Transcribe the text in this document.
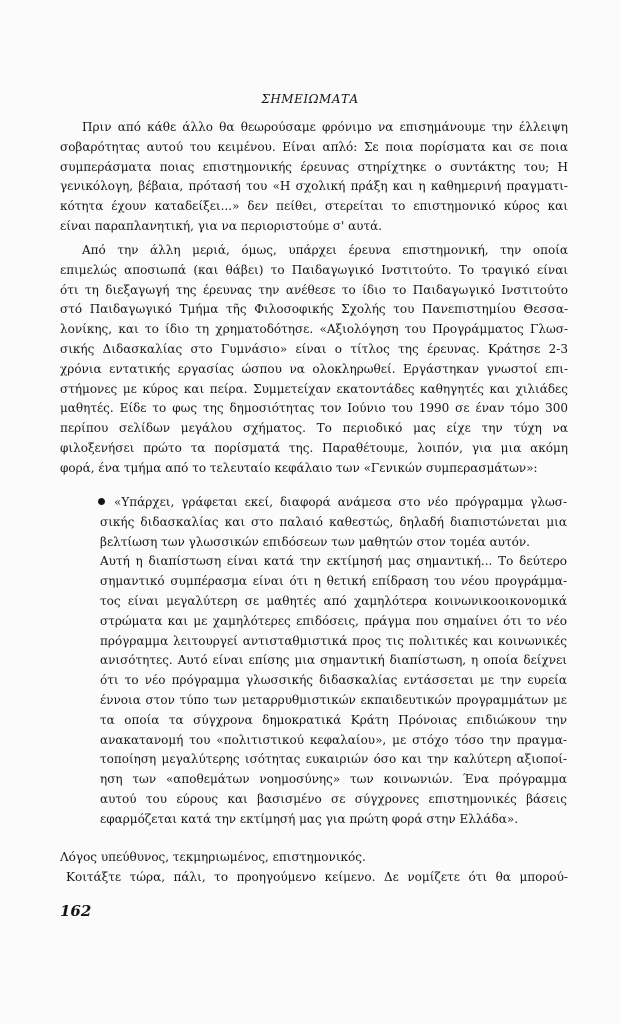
ΣΗΜΕΙΩΜΑΤΑ
Πριν από κάθε άλλο θα θεωρούσαμε φρόνιμο να επισημάνουμε την έλλειψη
σοβαρότητας αυτού του κειμένου. Είναι απλό: Σε ποια πορίσματα και σε ποια
συμπεράσματα ποιας επιστημονικής έρευνας στηρίχτηκε ο συντάκτης του; Η
γενικόλογη, βέβαια, πρότασή του «Η σχολική πράξη και η καθημερινή πραγματι-
κότητα έχουν καταδείξει...» δεν πείθει, στερείται το επιστημονικό κύρος και
είναι παραπλανητική, για να περιοριστούμε σ' αυτά.
Από την άλλη μεριά, όμως, υπάρχει έρευνα επιστημονική, την οποία
επιμελώς αποσιωπά (και θάβει) το Παιδαγωγικό Ινστιτούτο. Το τραγικό είναι
ότι τη διεξαγωγή της έρευνας την ανέθεσε το ίδιο το Παιδαγωγικό Ινστιτούτο
στό Παιδαγωγικό Τμήμα τῆς Φιλοσοφικής Σχολής του Πανεπιστημίου Θεσσα-
λονίκης, και το ίδιο τη χρηματοδότησε. «Αξιολόγηση του Προγράμματος Γλωσ-
σικής Διδασκαλίας στο Γυμνάσιο» είναι ο τίτλος της έρευνας. Κράτησε 2-3
χρόνια εντατικής εργασίας ώσπου να ολοκληρωθεί. Εργάστηκαν γνωστοί επι-
στήμονες με κύρος και πείρα. Συμμετείχαν εκατοντάδες καθηγητές και χιλιάδες
μαθητές. Είδε το φως της δημοσιότητας τον Ιούνιο του 1990 σε έναν τόμο 300
περίπου σελίδων μεγάλου σχήματος. Το περιοδικό μας είχε την τύχη να
φιλοξενήσει πρώτο τα πορίσματά της. Παραθέτουμε, λοιπόν, για μια ακόμη
φορά, ένα τμήμα από το τελευταίο κεφάλαιο των «Γενικών συμπερασμάτων»:
«Υπάρχει, γράφεται εκεί, διαφορά ανάμεσα στο νέο πρόγραμμα γλωσ-
σικής διδασκαλίας και στο παλαιό καθεστώς, δηλαδή διαπιστώνεται μια
βελτίωση των γλωσσικών επιδόσεων των μαθητών στον τομέα αυτόν.
Αυτή η διαπίστωση είναι κατά την εκτίμησή μας σημαντική... Το δεύτερο
σημαντικό συμπέρασμα είναι ότι η θετική επίδραση του νέου προγράμμα-
τος είναι μεγαλύτερη σε μαθητές από χαμηλότερα κοινωνικοοικονομικά
στρώματα και με χαμηλότερες επιδόσεις, πράγμα που σημαίνει ότι το νέο
πρόγραμμα λειτουργεί αντισταθμιστικά προς τις πολιτικές και κοινωνικές
ανισότητες. Αυτό είναι επίσης μια σημαντική διαπίστωση, η οποία δείχνει
ότι το νέο πρόγραμμα γλωσσικής διδασκαλίας εντάσσεται με την ευρεία
έννοια στον τύπο των μεταρρυθμιστικών εκπαιδευτικών προγραμμάτων με
τα οποία τα σύγχρονα δημοκρατικά Κράτη Πρόνοιας επιδιώκουν την
ανακατανομή του «πολιτιστικού κεφαλαίου», με στόχο τόσο την πραγμα-
τοποίηση μεγαλύτερης ισότητας ευκαιριών όσο και την καλύτερη αξιοποί-
ηση των «αποθεμάτων νοημοσύνης» των κοινωνιών. Ένα πρόγραμμα
αυτού του εύρους και βασισμένο σε σύγχρονες επιστημονικές βάσεις
εφαρμόζεται κατά την εκτίμησή μας για πρώτη φορά στην Ελλάδα».
Λόγος υπεύθυνος, τεκμηριωμένος, επιστημονικός.
Κοιτάξτε τώρα, πάλι, το προηγούμενο κείμενο. Δε νομίζετε ότι θα μπορού-
162
